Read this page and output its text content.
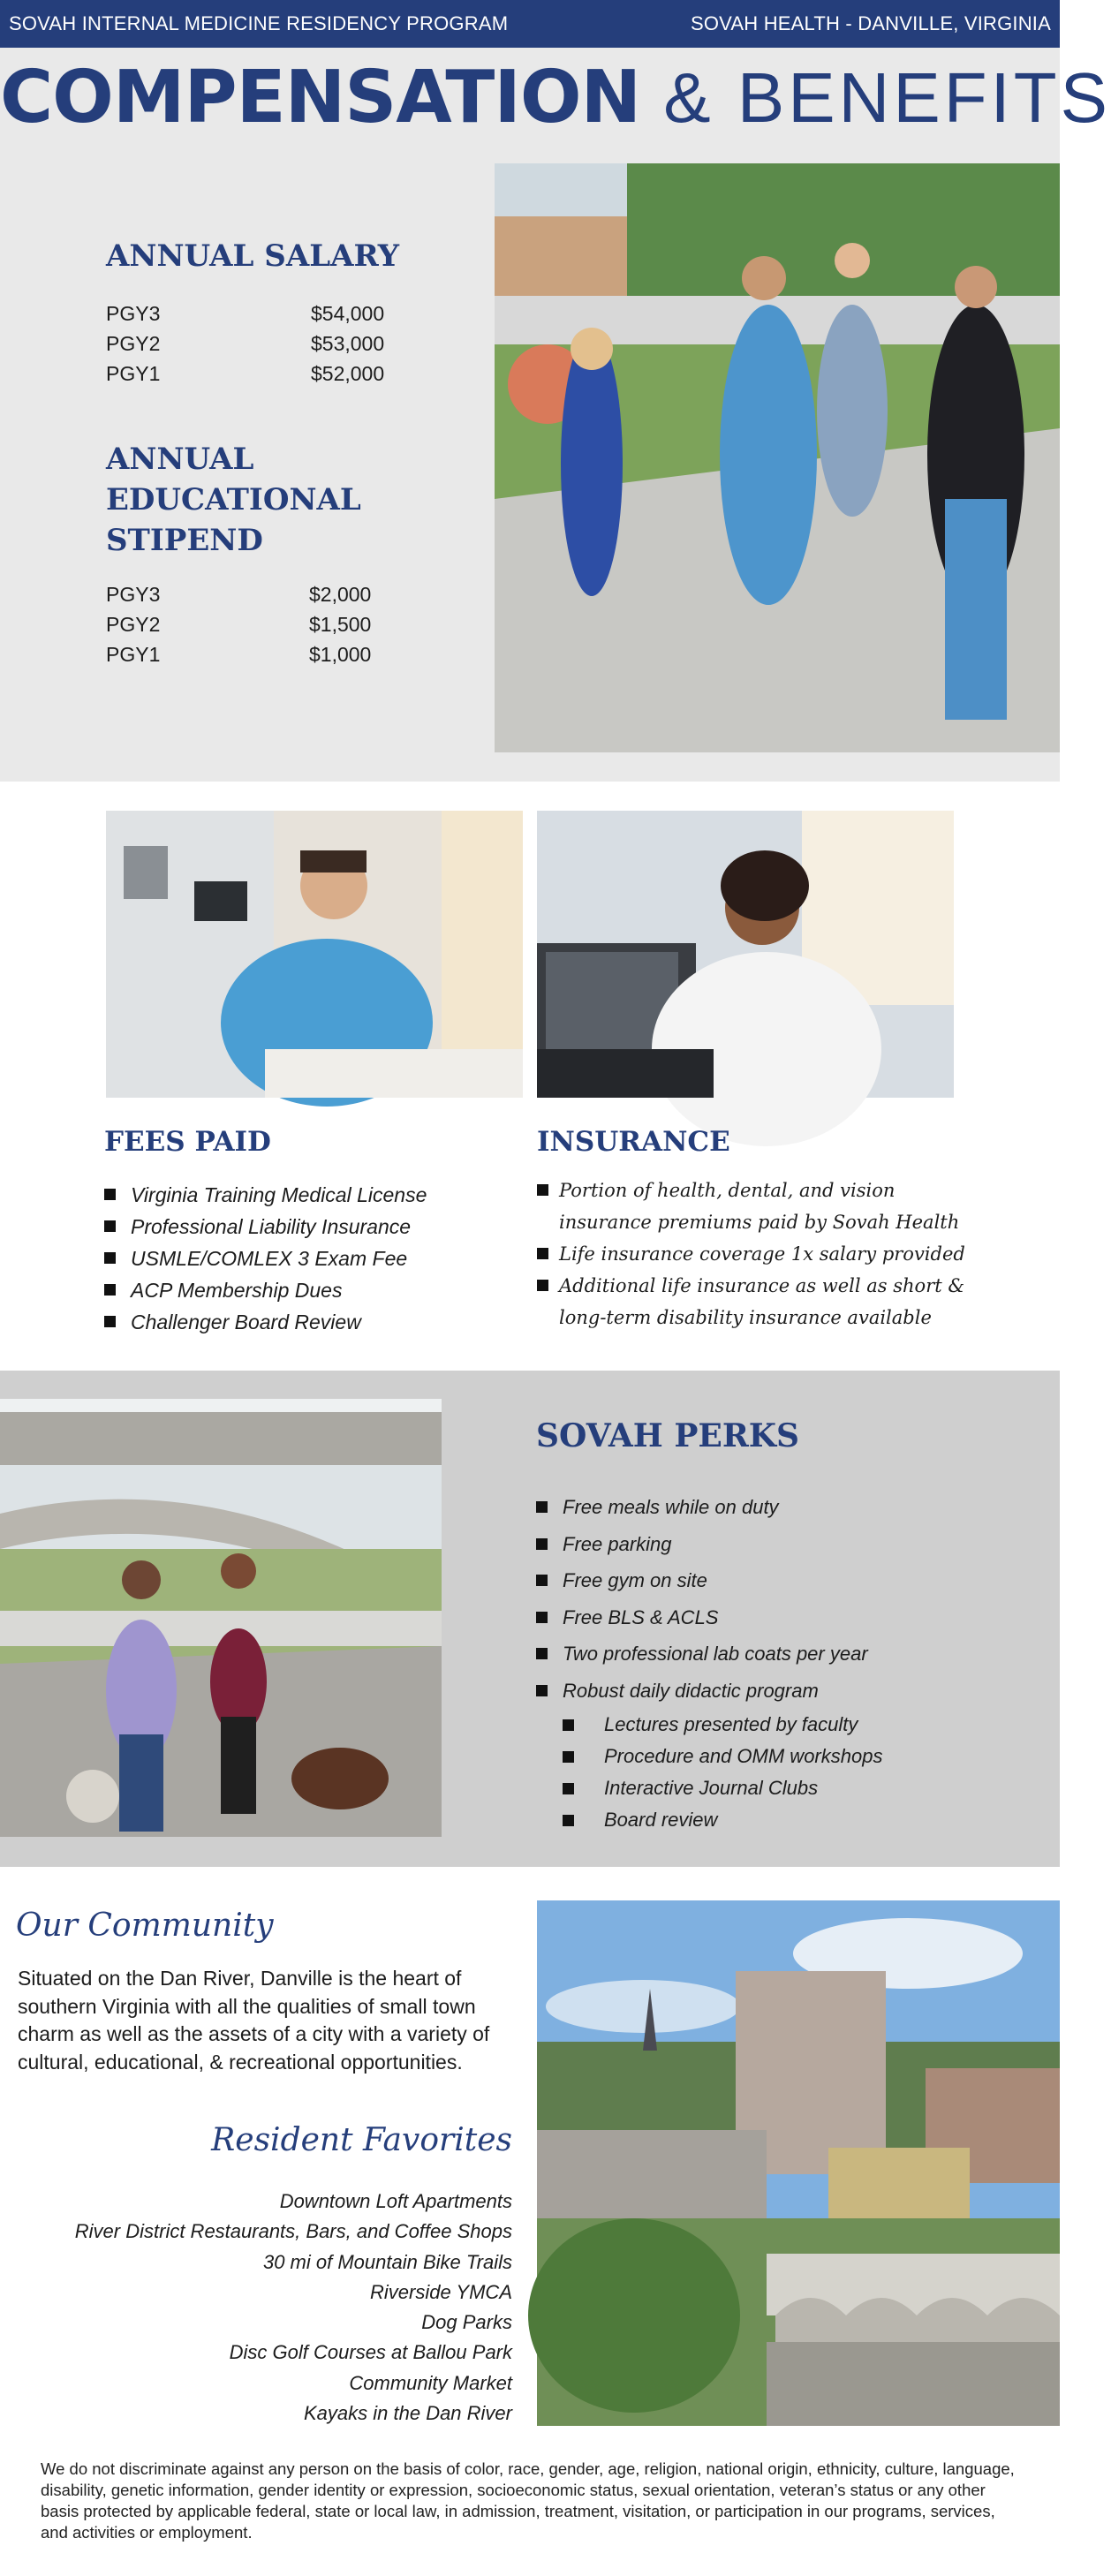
SOVAH INTERNAL MEDICINE RESIDENCY PROGRAM	SOVAH HEALTH - DANVILLE, VIRGINIA
COMPENSATION & BENEFITS
ANNUAL SALARY
PGY3	$54,000
PGY2	$53,000
PGY1	$52,000
ANNUAL EDUCATIONAL STIPEND
PGY3	$2,000
PGY2	$1,500
PGY1	$1,000
FEES PAID
Virginia Training Medical License
Professional Liability Insurance
USMLE/COMLEX 3 Exam Fee
ACP Membership Dues
Challenger Board Review
INSURANCE
Portion of health, dental, and vision insurance premiums paid by Sovah Health
Life insurance coverage 1x salary provided
Additional life insurance as well as short & long-term disability insurance available
SOVAH PERKS
Free meals while on duty
Free parking
Free gym on site
Free BLS & ACLS
Two professional lab coats per year
Robust daily didactic program
Lectures presented by faculty
Procedure and OMM workshops
Interactive Journal Clubs
Board review
Our Community
Situated on the Dan River, Danville is the heart of southern Virginia with all the qualities of small town charm as well as the assets of a city with a variety of cultural, educational, & recreational opportunities.
Resident Favorites
Downtown Loft Apartments
River District Restaurants, Bars, and Coffee Shops
30 mi of Mountain Bike Trails
Riverside YMCA
Dog Parks
Disc Golf Courses at Ballou Park
Community Market
Kayaks in the Dan River
We do not discriminate against any person on the basis of color, race, gender, age, religion, national origin, ethnicity, culture, language, disability, genetic information, gender identity or expression, socioeconomic status, sexual orientation, veteran’s status or any other basis protected by applicable federal, state or local law, in admission, treatment, visitation, or participation in our programs, services, and activities or employment.
